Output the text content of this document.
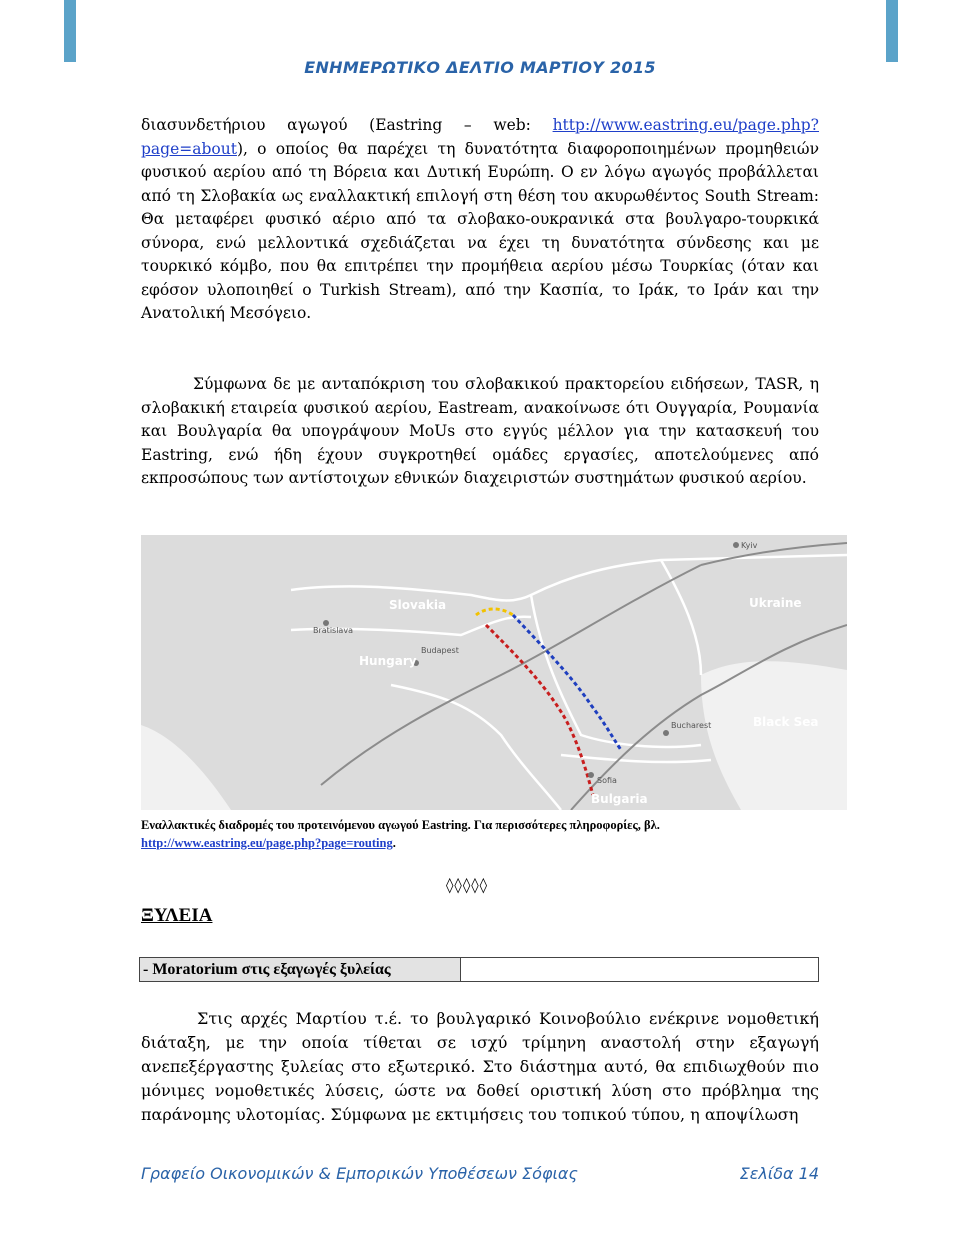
ΕΝΗΜΕΡΩΤΙΚΟ ΔΕΛΤΙΟ ΜΑΡΤΙΟΥ 2015

διασυνδετήριου αγωγού (Eastring – web: http://www.eastring.eu/page.php?page=about), ο οποίος θα παρέχει τη δυνατότητα διαφοροποιημένων προμηθειών φυσικού αερίου από τη Βόρεια και Δυτική Ευρώπη. Ο εν λόγω αγωγός προβάλλεται από τη Σλοβακία ως εναλλακτική επιλογή στη θέση του ακυρωθέντος South Stream: Θα μεταφέρει φυσικό αέριο από τα σλοβακο-ουκρανικά στα βουλγαρο-τουρκικά σύνορα, ενώ μελλοντικά σχεδιάζεται να έχει τη δυνατότητα σύνδεσης και με τουρκικό κόμβο, που θα επιτρέπει την προμήθεια αερίου μέσω Τουρκίας (όταν και εφόσον υλοποιηθεί ο Turkish Stream), από την Κασπία, το Ιράκ, το Ιράν και την Ανατολική Μεσόγειο.

Σύμφωνα δε με ανταπόκριση του σλοβακικού πρακτορείου ειδήσεων, TASR, η σλοβακική εταιρεία φυσικού αερίου, Eastream, ανακοίνωσε ότι Ουγγαρία, Ρουμανία και Βουλγαρία θα υπογράψουν MoUs στο εγγύς μέλλον για την κατασκευή του Eastring, ενώ ήδη έχουν συγκροτηθεί ομάδες εργασίες, αποτελούμενες από εκπροσώπους των αντίστοιχων εθνικών διαχειριστών συστημάτων φυσικού αερίου.

Kyiv
Slovakia	Ukraine
Bratislava
Budapest
Hungary
Bucharest	Black Sea
Sofia
Bulgaria
Εναλλακτικές διαδρομές του προτεινόμενου αγωγού Eastring. Για περισσότερες πληροφορίες, βλ. http://www.eastring.eu/page.php?page=routing.
◊◊◊◊◊
ΞΥΛΕΙΑ
- Moratorium στις εξαγωγές ξυλείας

Στις αρχές Μαρτίου τ.έ. το βουλγαρικό Κοινοβούλιο ενέκρινε νομοθετική διάταξη, με την οποία τίθεται σε ισχύ τρίμηνη αναστολή στην εξαγωγή ανεπεξέργαστης ξυλείας στο εξωτερικό. Στο διάστημα αυτό, θα επιδιωχθούν πιο μόνιμες νομοθετικές λύσεις, ώστε να δοθεί οριστική λύση στο πρόβλημα της παράνομης υλοτομίας. Σύμφωνα με εκτιμήσεις του τοπικού τύπου, η αποψίλωση

Γραφείο Οικονομικών & Εμπορικών Υποθέσεων Σόφιας	Σελίδα 14
